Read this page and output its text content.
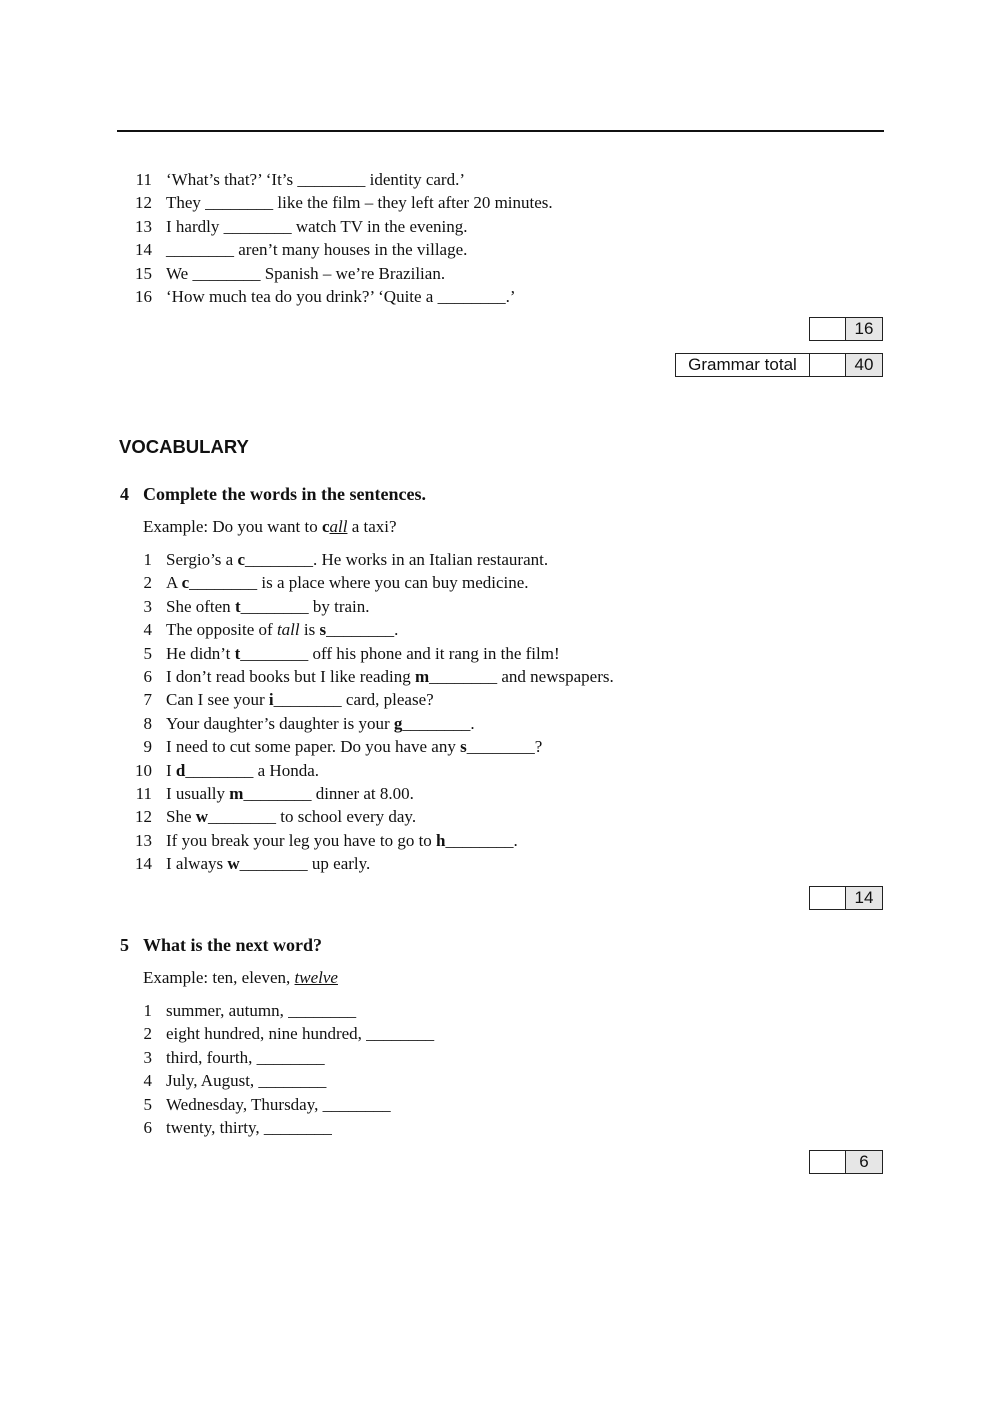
11 ‘What’s that?’ ‘It’s ________ identity card.’
12 They ________ like the film – they left after 20 minutes.
13 I hardly ________ watch TV in the evening.
14 ________ aren’t many houses in the village.
15 We ________ Spanish – we’re Brazilian.
16 ‘How much tea do you drink?’ ‘Quite a ________.’
16
Grammar total	40
VOCABULARY
4 Complete the words in the sentences.
Example: Do you want to call a taxi?
1 Sergio’s a c________. He works in an Italian restaurant.
2 A c________ is a place where you can buy medicine.
3 She often t________ by train.
4 The opposite of tall is s________.
5 He didn’t t________ off his phone and it rang in the film!
6 I don’t read books but I like reading m________ and newspapers.
7 Can I see your i________ card, please?
8 Your daughter’s daughter is your g________.
9 I need to cut some paper. Do you have any s________?
10 I d________ a Honda.
11 I usually m________ dinner at 8.00.
12 She w________ to school every day.
13 If you break your leg you have to go to h________.
14 I always w________ up early.
14
5 What is the next word?
Example: ten, eleven, twelve
1 summer, autumn, ________
2 eight hundred, nine hundred, ________
3 third, fourth, ________
4 July, August, ________
5 Wednesday, Thursday, ________
6 twenty, thirty, ________
6
